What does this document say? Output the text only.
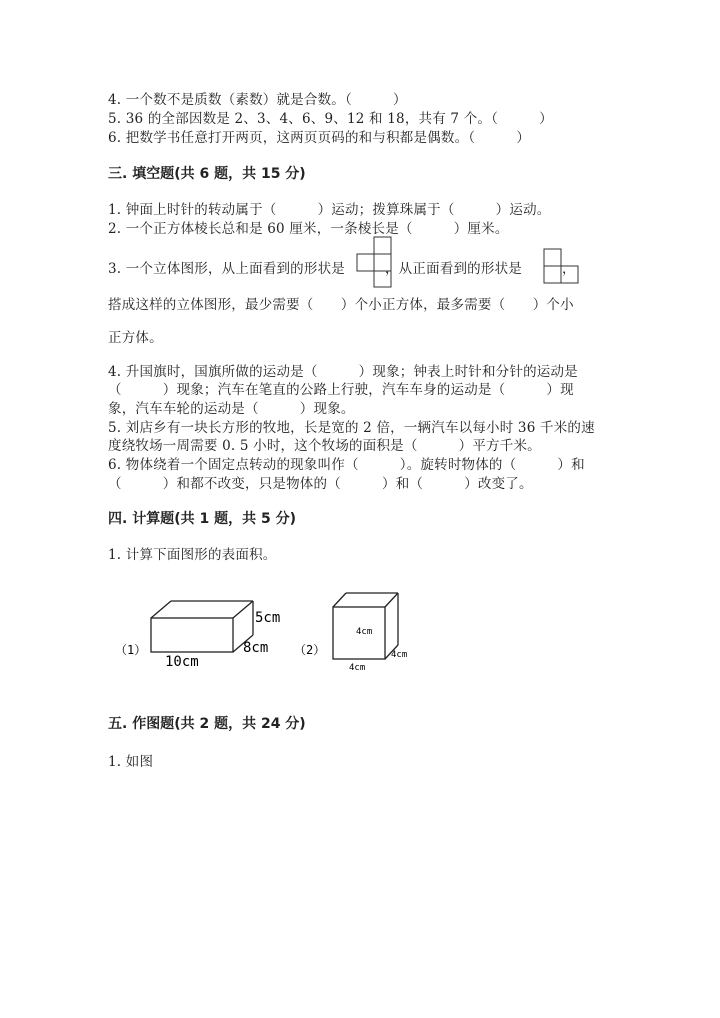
4. 一个数不是质数（素数）就是合数。（　　　）
5. 36 的全部因数是 2、3、4、6、9、12 和 18，共有 7 个。（　　　）
6. 把数学书任意打开两页，这两页页码的和与积都是偶数。（　　　）
三. 填空题(共 6 题，共 15 分)
1. 钟面上时针的转动属于（　　　）运动；拨算珠属于（　　　）运动。
2. 一个正方体棱长总和是 60 厘米，一条棱长是（　　　）厘米。
3. 一个立体图形，从上面看到的形状是	，从正面看到的形状是	，
搭成这样的立体图形，最少需要（　　）个小正方体，最多需要（　　）个小
正方体。
4. 升国旗时，国旗所做的运动是（　　　）现象；钟表上时针和分针的运动是
（　　　）现象；汽车在笔直的公路上行驶，汽车车身的运动是（　　　）现
象，汽车车轮的运动是（　　　）现象。
5. 刘店乡有一块长方形的牧地，长是宽的 2 倍，一辆汽车以每小时 36 千米的速
度绕牧场一周需要 0. 5 小时，这个牧场的面积是（　　　）平方千米。
6. 物体绕着一个固定点转动的现象叫作（　　　）。旋转时物体的（　　　）和
（　　　）和都不改变，只是物体的（　　　）和（　　　）改变了。
四. 计算题(共 1 题，共 5 分)
1. 计算下面图形的表面积。
（1）
5cm
8cm
10cm
（2）
4cm
4cm
4cm
五. 作图题(共 2 题，共 24 分)
1. 如图
